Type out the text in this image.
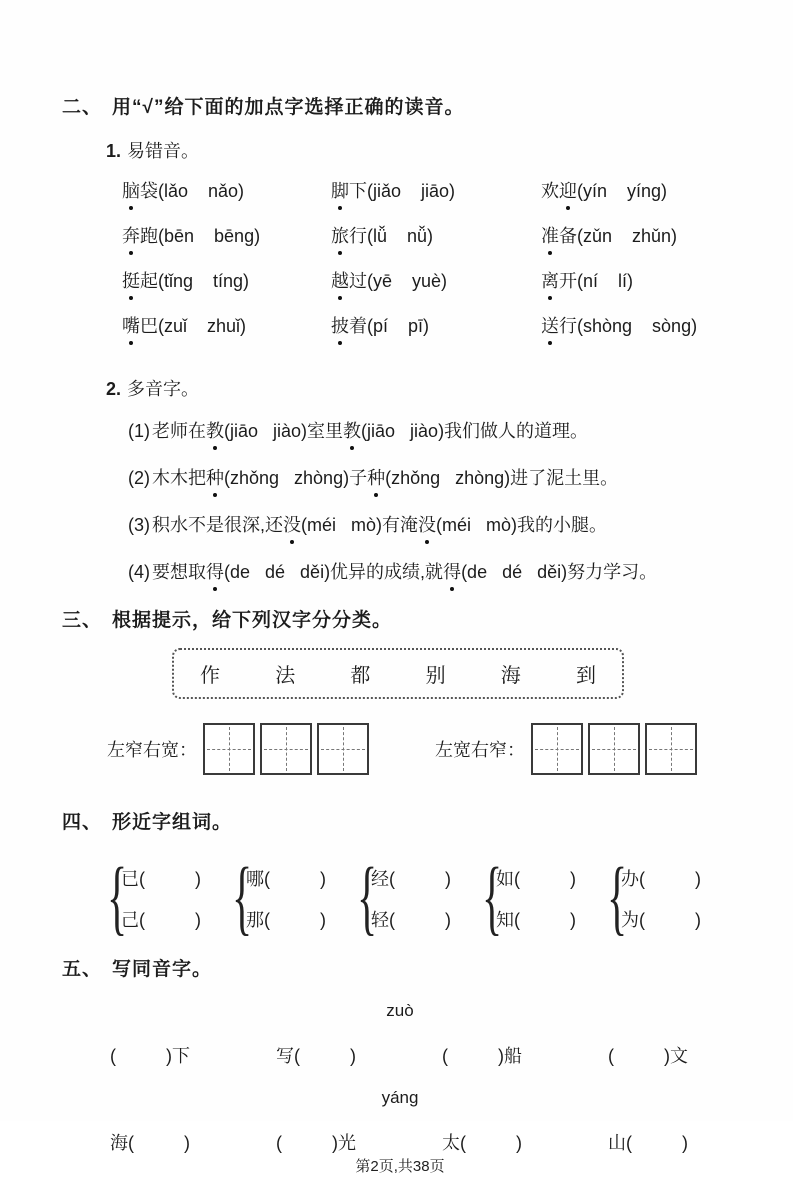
二、 用“√”给下面的加点字选择正确的读音。
1. 易错音。
脑袋(lǎo    nǎo)	脚下(jiǎo    jiāo)	欢迎(yín    yíng)
奔跑(bēn    bēng)	旅行(lǚ    nǚ)	准备(zǔn    zhǔn)
挺起(tǐng    tíng)	越过(yē    yuè)	离开(ní    lí)
嘴巴(zuǐ    zhuǐ)	披着(pí    pī)	送行(shòng    sòng)
2. 多音字。
(1) 老师在教(jiāo   jiào)室里教(jiāo   jiào)我们做人的道理。
(2) 木木把种(zhǒng   zhòng)子种(zhǒng   zhòng)进了泥土里。
(3) 积水不是很深,还没(méi   mò)有淹没(méi   mò)我的小腿。
(4) 要想取得(de   dé   děi)优异的成绩,就得(de   dé   děi)努力学习。
三、 根据提示，给下列汉字分分类。
作	法	都	别	海	到
左窄右宽：	左宽右窄：
四、 形近字组词。
{
已(          )
己(          ) {
哪(          )
那(          ) {
经(          )
轻(          ) {
如(          )
知(          ) {
办(          )
为(          )
五、 写同音字。
zuò
(          )下	写(          )	(          )船	(          )文
yáng
海(          )	(          )光	太(          )	山(          )
第2页,共38页
